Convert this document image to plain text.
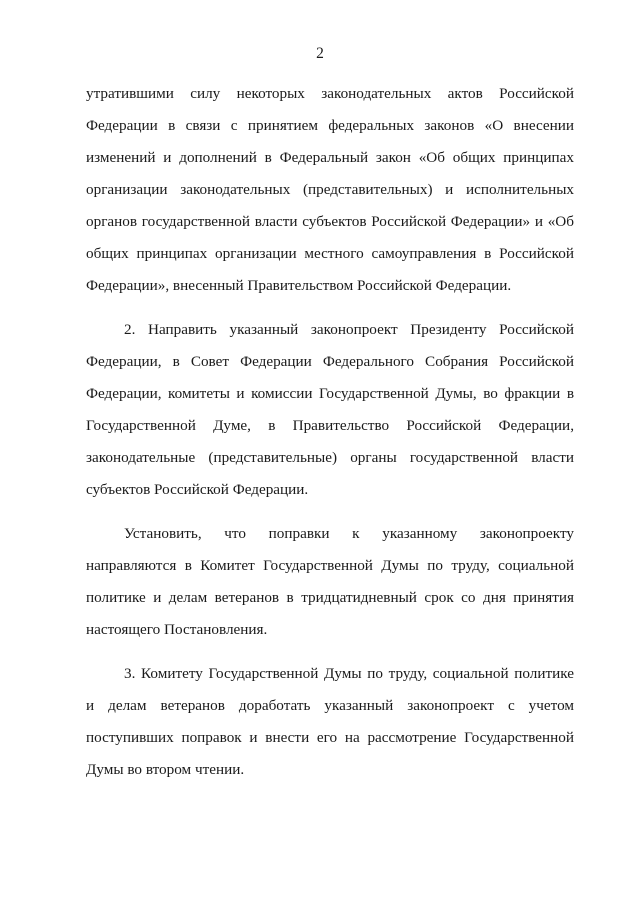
2
утратившими силу некоторых законодательных актов Российской
Федерации в связи с принятием федеральных законов «О внесении
изменений и дополнений в Федеральный закон «Об общих принципах
организации законодательных (представительных) и исполнительных
органов государственной власти субъектов Российской Федерации» и «Об
общих принципах организации местного самоуправления в Российской
Федерации», внесенный Правительством Российской Федерации.
2. Направить указанный законопроект Президенту Российской
Федерации, в Совет Федерации Федерального Собрания Российской
Федерации, комитеты и комиссии Государственной Думы, во фракции в
Государственной Думе, в Правительство Российской Федерации,
законодательные (представительные) органы государственной власти
субъектов Российской Федерации.
Установить, что поправки к указанному законопроекту
направляются в Комитет Государственной Думы по труду, социальной
политике и делам ветеранов в тридцатидневный срок со дня принятия
настоящего Постановления.
3. Комитету Государственной Думы по труду, социальной политике
и делам ветеранов доработать указанный законопроект с учетом
поступивших поправок и внести его на рассмотрение Государственной
Думы во втором чтении.
